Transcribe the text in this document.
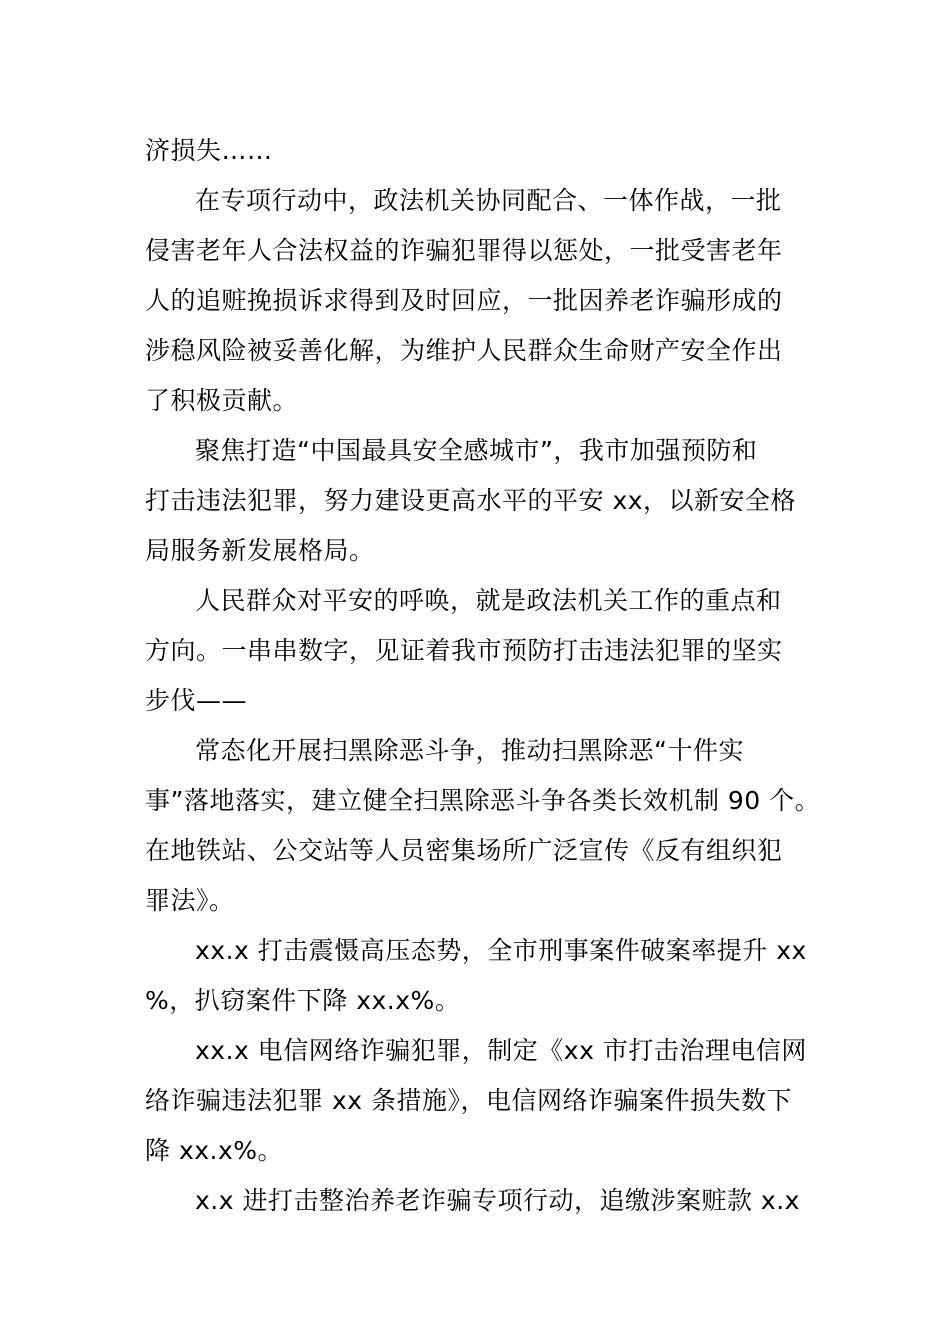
济损失……
在专项行动中，政法机关协同配合、一体作战，一批
侵害老年人合法权益的诈骗犯罪得以惩处，一批受害老年
人的追赃挽损诉求得到及时回应，一批因养老诈骗形成的
涉稳风险被妥善化解，为维护人民群众生命财产安全作出
了积极贡献。
聚焦打造“中国最具安全感城市”，我市加强预防和
打击违法犯罪，努力建设更高水平的平安 xx，以新安全格
局服务新发展格局。
人民群众对平安的呼唤，就是政法机关工作的重点和
方向。一串串数字，见证着我市预防打击违法犯罪的坚实
步伐——
常态化开展扫黑除恶斗争，推动扫黑除恶“十件实
事”落地落实，建立健全扫黑除恶斗争各类长效机制 90 个。
在地铁站、公交站等人员密集场所广泛宣传《反有组织犯
罪法》。
xx.x 打击震慑高压态势，全市刑事案件破案率提升 xx
%，扒窃案件下降 xx.x%。
xx.x 电信网络诈骗犯罪，制定《xx 市打击治理电信网
络诈骗违法犯罪 xx 条措施》，电信网络诈骗案件损失数下
降 xx.x%。
x.x 进打击整治养老诈骗专项行动，追缴涉案赃款 x.x
